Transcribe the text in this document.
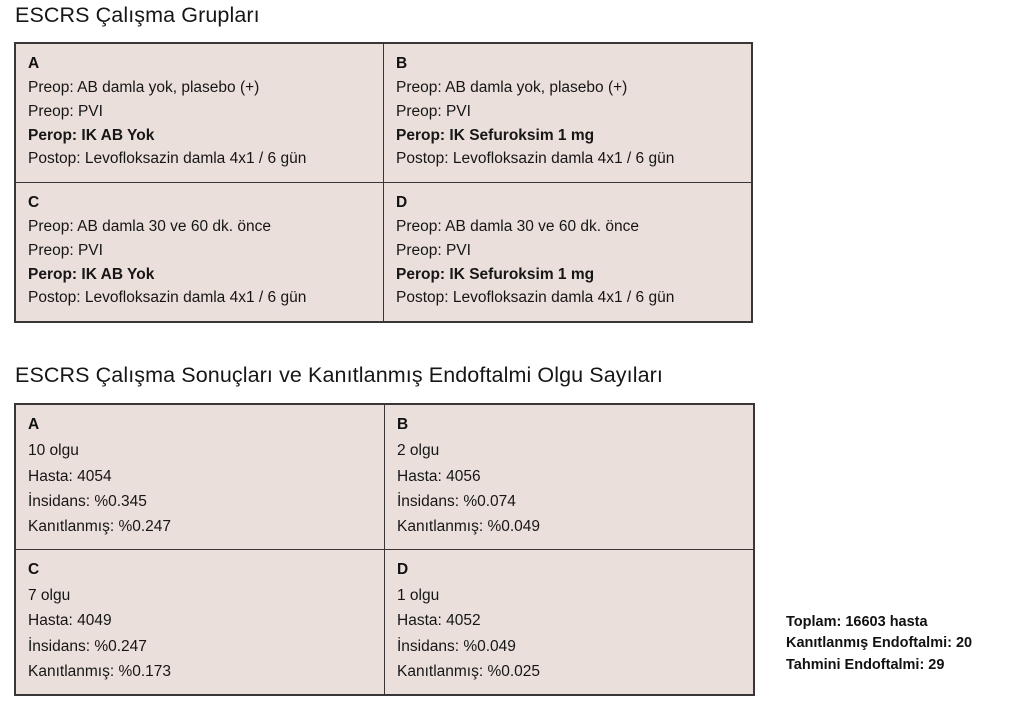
ESCRS Çalışma Grupları
A
Preop: AB damla yok, plasebo (+)
Preop: PVI
Perop: IK AB Yok
Postop: Levofloksazin damla 4x1 / 6 gün

B
Preop: AB damla yok, plasebo (+)
Preop: PVI
Perop: IK Sefuroksim 1 mg
Postop: Levofloksazin damla 4x1 / 6 gün

C
Preop: AB damla 30 ve 60 dk. önce
Preop: PVI
Perop: IK AB Yok
Postop: Levofloksazin damla 4x1 / 6 gün

D
Preop: AB damla 30 ve 60 dk. önce
Preop: PVI
Perop: IK Sefuroksim 1 mg
Postop: Levofloksazin damla 4x1 / 6 gün
ESCRS Çalışma Sonuçları ve Kanıtlanmış Endoftalmi Olgu Sayıları
A
10 olgu
Hasta: 4054
İnsidans: %0.345
Kanıtlanmış: %0.247

B
2 olgu
Hasta: 4056
İnsidans: %0.074
Kanıtlanmış: %0.049

C
7 olgu
Hasta: 4049
İnsidans: %0.247
Kanıtlanmış: %0.173

D
1 olgu
Hasta: 4052
İnsidans: %0.049
Kanıtlanmış: %0.025
Toplam: 16603 hasta
Kanıtlanmış Endoftalmi: 20
Tahmini Endoftalmi: 29
